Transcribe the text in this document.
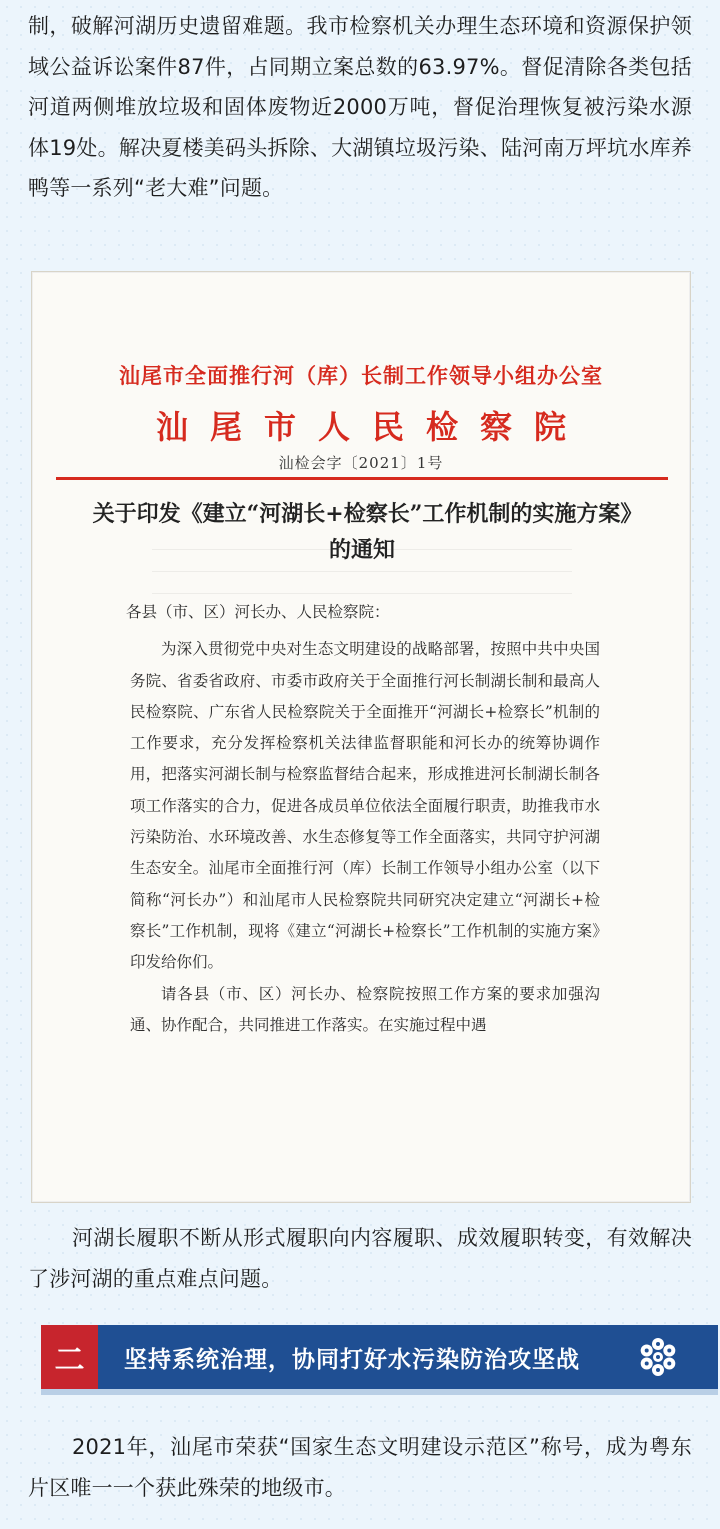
制，破解河湖历史遗留难题。我市检察机关办理生态环境和资源保护领域公益诉讼案件87件，占同期立案总数的63.97%。督促清除各类包括河道两侧堆放垃圾和固体废物近2000万吨，督促治理恢复被污染水源体19处。解决夏楼美码头拆除、大湖镇垃圾污染、陆河南万坪坑水库养鸭等一系列“老大难”问题。

汕尾市全面推行河（库）长制工作领导小组办公室
汕尾市人民检察院
汕检会字〔2021〕1号
关于印发《建立“河湖长+检察长”工作机制的实施方案》的通知

各县（市、区）河长办、人民检察院：

为深入贯彻党中央对生态文明建设的战略部署，按照中共中央国务院、省委省政府、市委市政府关于全面推行河长制湖长制和最高人民检察院、广东省人民检察院关于全面推开“河湖长+检察长”机制的工作要求，充分发挥检察机关法律监督职能和河长办的统筹协调作用，把落实河湖长制与检察监督结合起来，形成推进河长制湖长制各项工作落实的合力，促进各成员单位依法全面履行职责，助推我市水污染防治、水环境改善、水生态修复等工作全面落实，共同守护河湖生态安全。汕尾市全面推行河（库）长制工作领导小组办公室（以下简称“河长办”）和汕尾市人民检察院共同研究决定建立“河湖长+检察长”工作机制，现将《建立“河湖长+检察长”工作机制的实施方案》印发给你们。

请各县（市、区）河长办、检察院按照工作方案的要求加强沟通、协作配合，共同推进工作落实。在实施过程中遇

河湖长履职不断从形式履职向内容履职、成效履职转变，有效解决了涉河湖的重点难点问题。

二	坚持系统治理，协同打好水污染防治攻坚战

2021年，汕尾市荣获“国家生态文明建设示范区”称号，成为粤东片区唯一一个获此殊荣的地级市。
